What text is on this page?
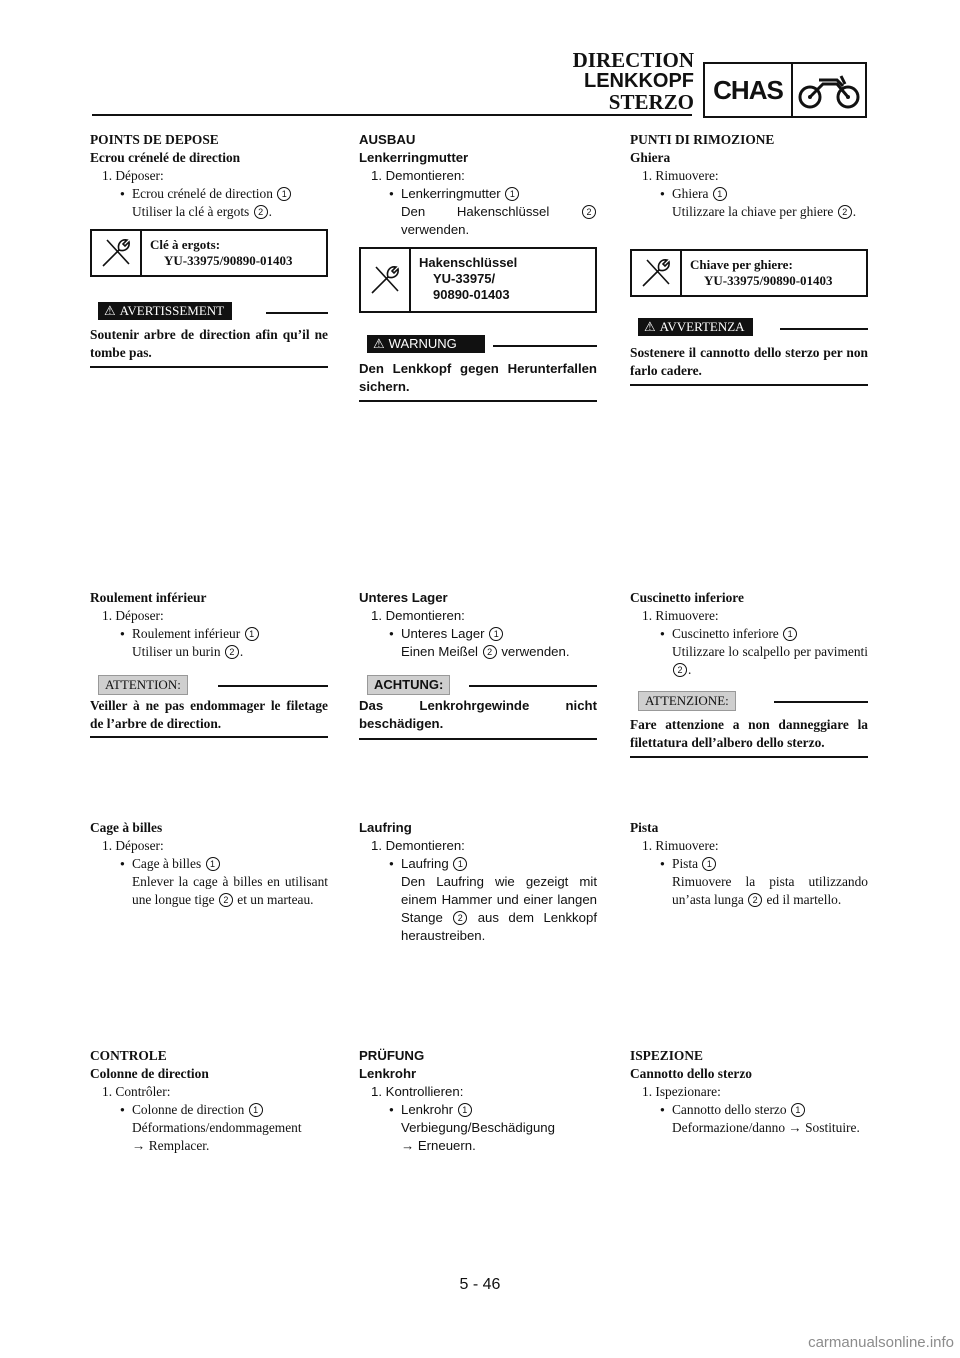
DIRECTION
LENKKOPF
STERZO CHAS
POINTS DE DEPOSE
Ecrou crénelé de direction
1. Déposer:
● Ecrou crénelé de direction 1
Utiliser la clé à ergots 2 .
Clé à ergots:
YU-33975/90890-01403
⚠ AVERTISSEMENT
Soutenir arbre de direction afin qu’il ne tombe pas.
Roulement inférieur
1. Déposer:
● Roulement inférieur 1
Utiliser un burin 2 .
ATTENTION:
Veiller à ne pas endommager le filetage de l’arbre de direction.
Cage à billes
1. Déposer:
● Cage à billes 1
Enlever la cage à billes en utilisant une longue tige 2 et un marteau.
CONTROLE
Colonne de direction
1. Contrôler:
● Colonne de direction 1
Déformations/endommagement → Remplacer.
AUSBAU
Lenkerringmutter
1. Demontieren:
● Lenkerringmutter 1
Den Hakenschlüssel	2 verwenden.
Hakenschlüssel
YU-33975/
90890-01403
⚠ WARNUNG
Den Lenkkopf gegen Herunterfallen sichern.
Unteres Lager
1. Demontieren:
● Unteres Lager 1
Einen Meißel 2 verwenden.
ACHTUNG:
Das Lenkrohrgewinde nicht beschädigen.
Laufring
1. Demontieren:
● Laufring 1
Den Laufring wie gezeigt mit einem Hammer und einer langen Stange 2 aus dem Lenkkopf heraustreiben.
PRÜFUNG
Lenkrohr
1. Kontrollieren:
● Lenkrohr 1
Verbiegung/Beschädigung
→ Erneuern.
PUNTI DI RIMOZIONE
Ghiera
1. Rimuovere:
● Ghiera 1
Utilizzare la chiave per ghiere 2 .
Chiave per ghiere:
YU-33975/90890-01403
⚠ AVVERTENZA
Sostenere il cannotto dello sterzo per non farlo cadere.
Cuscinetto inferiore
1. Rimuovere:
● Cuscinetto inferiore 1
Utilizzare lo scalpello per pavimenti 2 .
ATTENZIONE:
Fare attenzione a non danneggiare la filettatura dell’albero dello sterzo.
Pista
1. Rimuovere:
● Pista 1
Rimuovere la pista utilizzando un’asta lunga 2 ed il martello.
ISPEZIONE
Cannotto dello sterzo
1. Ispezionare:
● Cannotto dello sterzo 1
Deformazione/danno → Sostituire.
5 - 46
carmanualsonline.info
